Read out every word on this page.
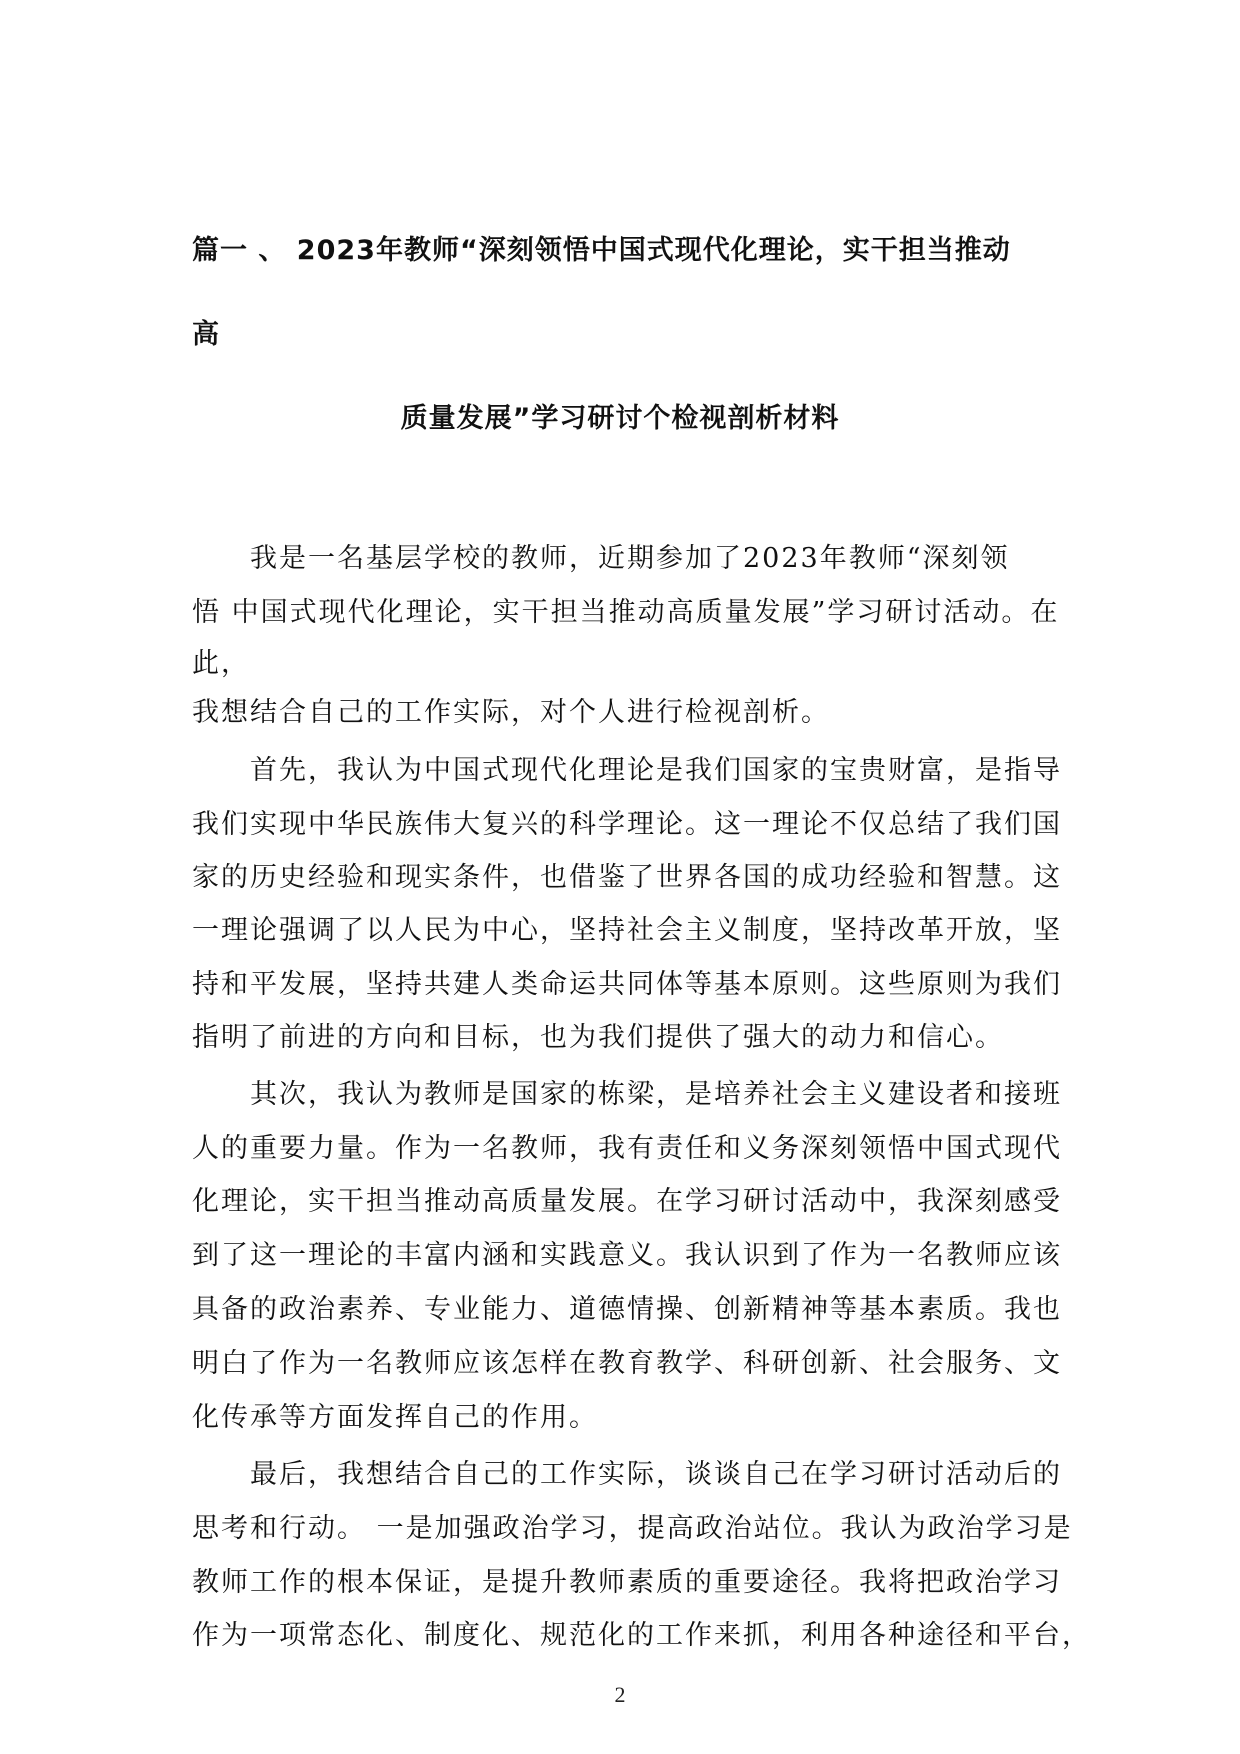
篇一 、 2023年教师“深刻领悟中国式现代化理论，实干担当推动
高
质量发展”学习研讨个检视剖析材料
我是一名基层学校的教师，近期参加了2023年教师“深刻领
悟 中国式现代化理论，实干担当推动高质量发展”学习研讨活动。在
此，
我想结合自己的工作实际，对个人进行检视剖析。
首先，我认为中国式现代化理论是我们国家的宝贵财富，是指导
我们实现中华民族伟大复兴的科学理论。这一理论不仅总结了我们国
家的历史经验和现实条件，也借鉴了世界各国的成功经验和智慧。这
一理论强调了以人民为中心，坚持社会主义制度，坚持改革开放，坚
持和平发展，坚持共建人类命运共同体等基本原则。这些原则为我们
指明了前进的方向和目标，也为我们提供了强大的动力和信心。
其次，我认为教师是国家的栋梁，是培养社会主义建设者和接班
人的重要力量。作为一名教师，我有责任和义务深刻领悟中国式现代
化理论，实干担当推动高质量发展。在学习研讨活动中，我深刻感受
到了这一理论的丰富内涵和实践意义。我认识到了作为一名教师应该
具备的政治素养、专业能力、道德情操、创新精神等基本素质。我也
明白了作为一名教师应该怎样在教育教学、科研创新、社会服务、文
化传承等方面发挥自己的作用。
最后，我想结合自己的工作实际，谈谈自己在学习研讨活动后的
思考和行动。 一是加强政治学习，提高政治站位。我认为政治学习是
教师工作的根本保证，是提升教师素质的重要途径。我将把政治学习
作为一项常态化、制度化、规范化的工作来抓，利用各种途径和平台，
2
